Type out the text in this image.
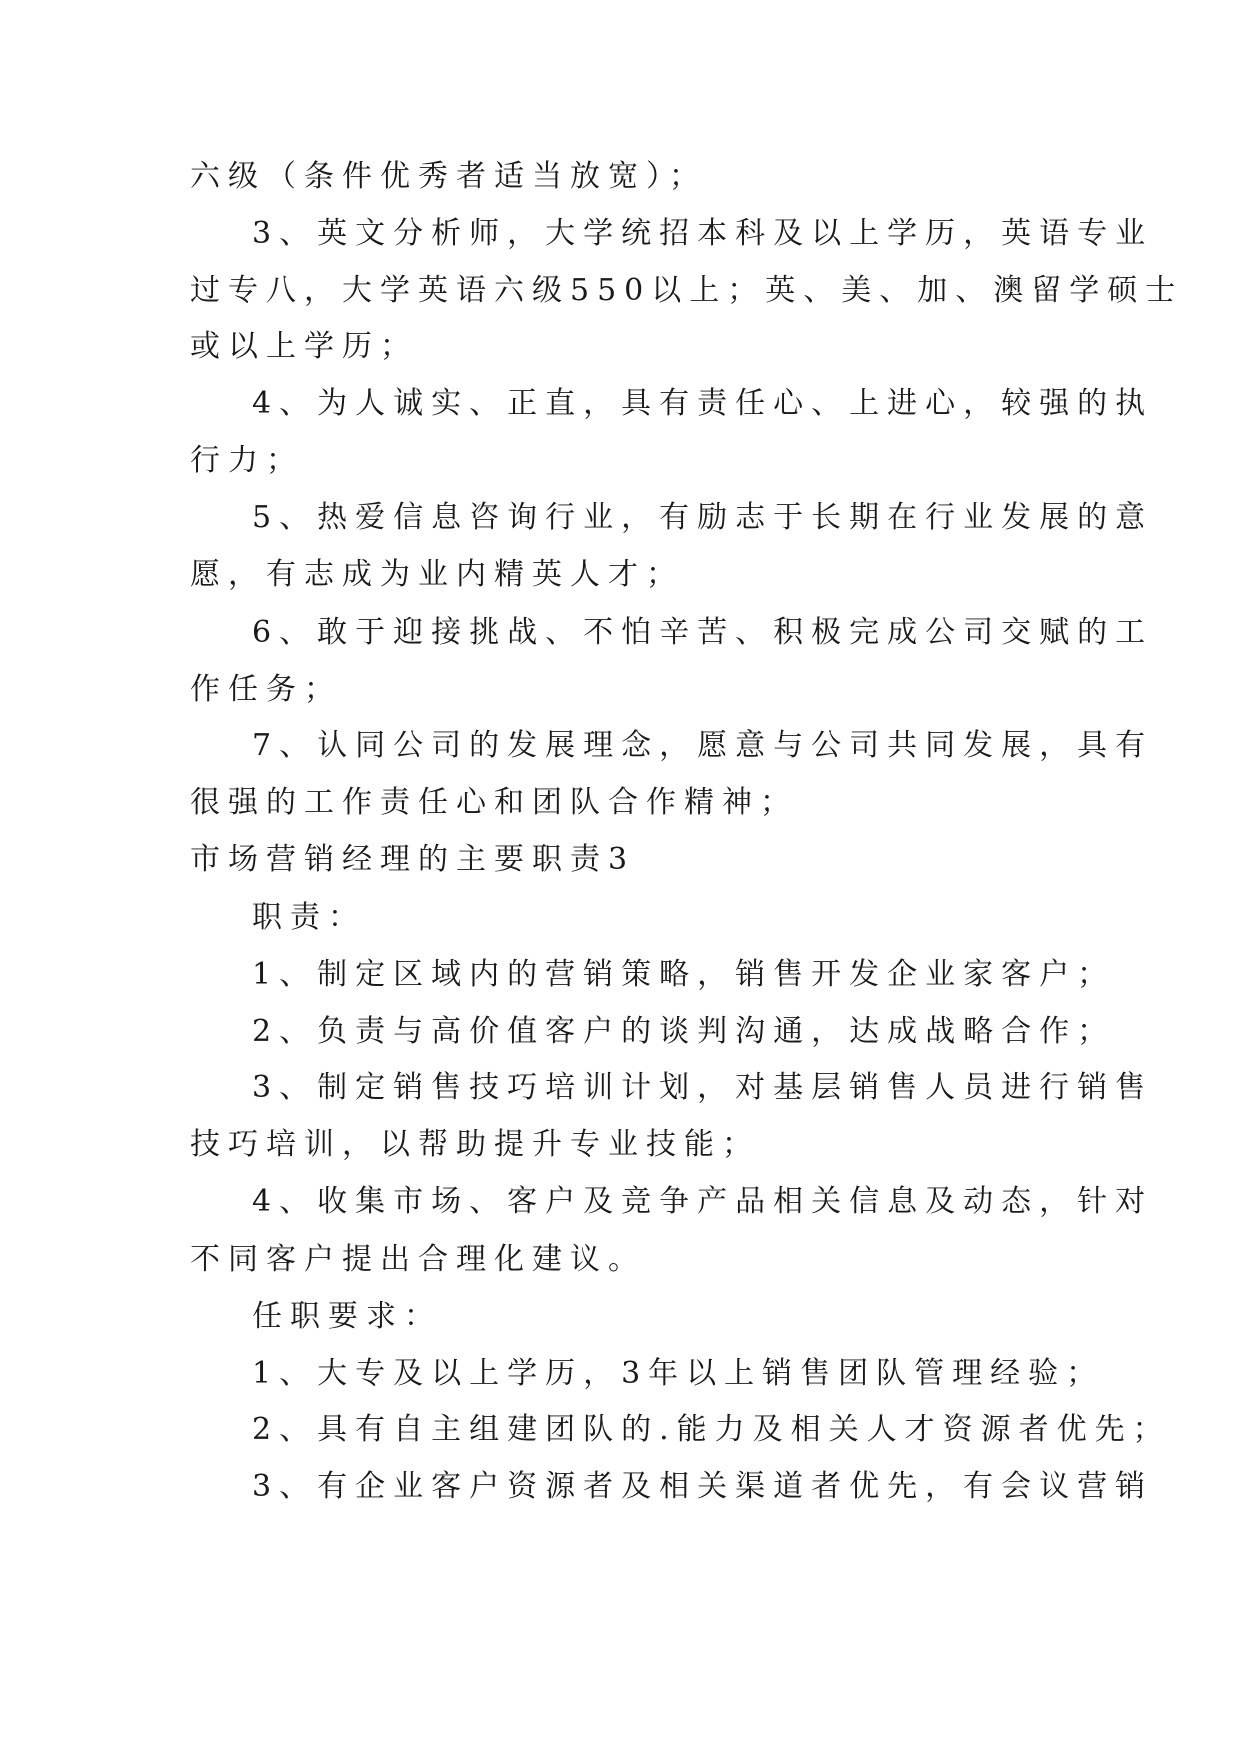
六级（条件优秀者适当放宽）；
3、英文分析师，大学统招本科及以上学历，英语专业
过专八，大学英语六级550以上；英、美、加、澳留学硕士
或以上学历；
4、为人诚实、正直，具有责任心、上进心，较强的执
行力；
5、热爱信息咨询行业，有励志于长期在行业发展的意
愿，有志成为业内精英人才；
6、敢于迎接挑战、不怕辛苦、积极完成公司交赋的工
作任务；
7、认同公司的发展理念，愿意与公司共同发展，具有
很强的工作责任心和团队合作精神；
市场营销经理的主要职责3
职责：
1、制定区域内的营销策略，销售开发企业家客户；
2、负责与高价值客户的谈判沟通，达成战略合作；
3、制定销售技巧培训计划，对基层销售人员进行销售
技巧培训，以帮助提升专业技能；
4、收集市场、客户及竞争产品相关信息及动态，针对
不同客户提出合理化建议。
任职要求：
1、大专及以上学历，3年以上销售团队管理经验；
2、具有自主组建团队的.能力及相关人才资源者优先；
3、有企业客户资源者及相关渠道者优先，有会议营销
